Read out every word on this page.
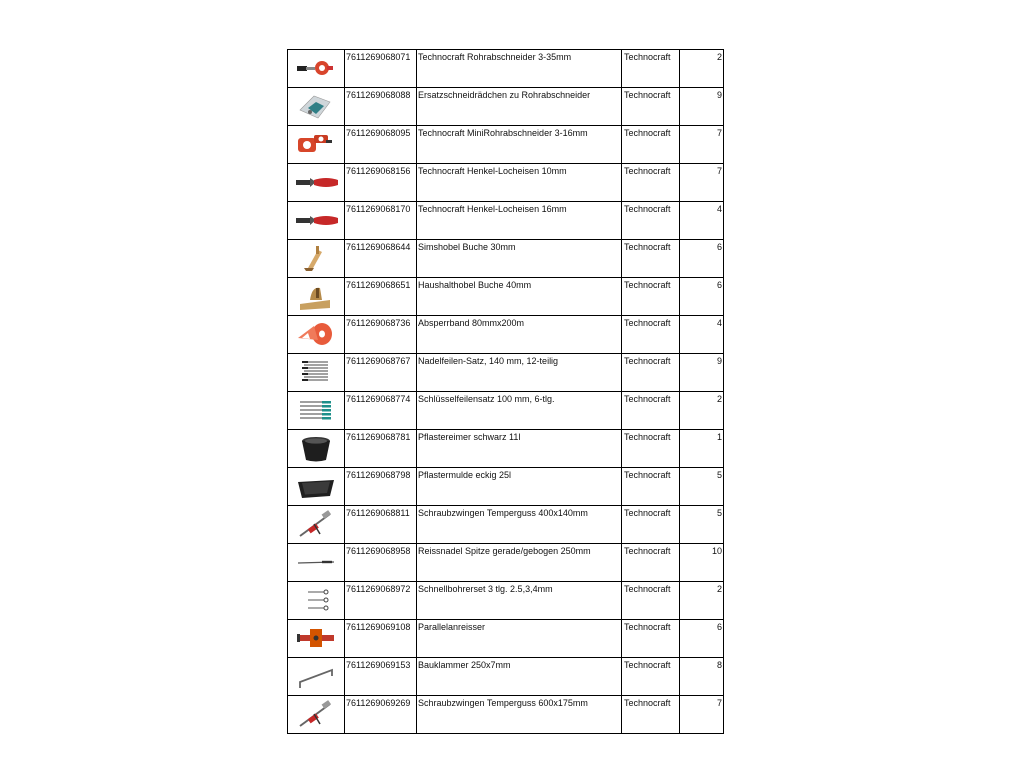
	7611269068071	Technocraft Rohrabschneider 3-35mm	Technocraft	2

	7611269068088	Ersatzschneidrädchen zu Rohrabschneider	Technocraft	9

	7611269068095	Technocraft MiniRohrabschneider 3-16mm	Technocraft	7

	7611269068156	Technocraft Henkel-Locheisen 10mm	Technocraft	7

	7611269068170	Technocraft Henkel-Locheisen 16mm	Technocraft	4

	7611269068644	Simshobel Buche 30mm	Technocraft	6

	7611269068651	Haushalthobel Buche 40mm	Technocraft	6

	7611269068736	Absperrband 80mmx200m	Technocraft	4

	7611269068767	Nadelfeilen-Satz, 140 mm, 12-teilig	Technocraft	9

	7611269068774	Schlüsselfeilensatz 100 mm, 6-tlg.	Technocraft	2

	7611269068781	Pflastereimer schwarz 11l	Technocraft	1

	7611269068798	Pflastermulde eckig 25l	Technocraft	5

	7611269068811	Schraubzwingen Temperguss 400x140mm	Technocraft	5

	7611269068958	Reissnadel Spitze gerade/gebogen 250mm	Technocraft	10

	7611269068972	Schnellbohrerset 3 tlg. 2.5,3,4mm	Technocraft	2

	7611269069108	Parallelanreisser	Technocraft	6

	7611269069153	Bauklammer 250x7mm	Technocraft	8

	7611269069269	Schraubzwingen Temperguss 600x175mm	Technocraft	7
